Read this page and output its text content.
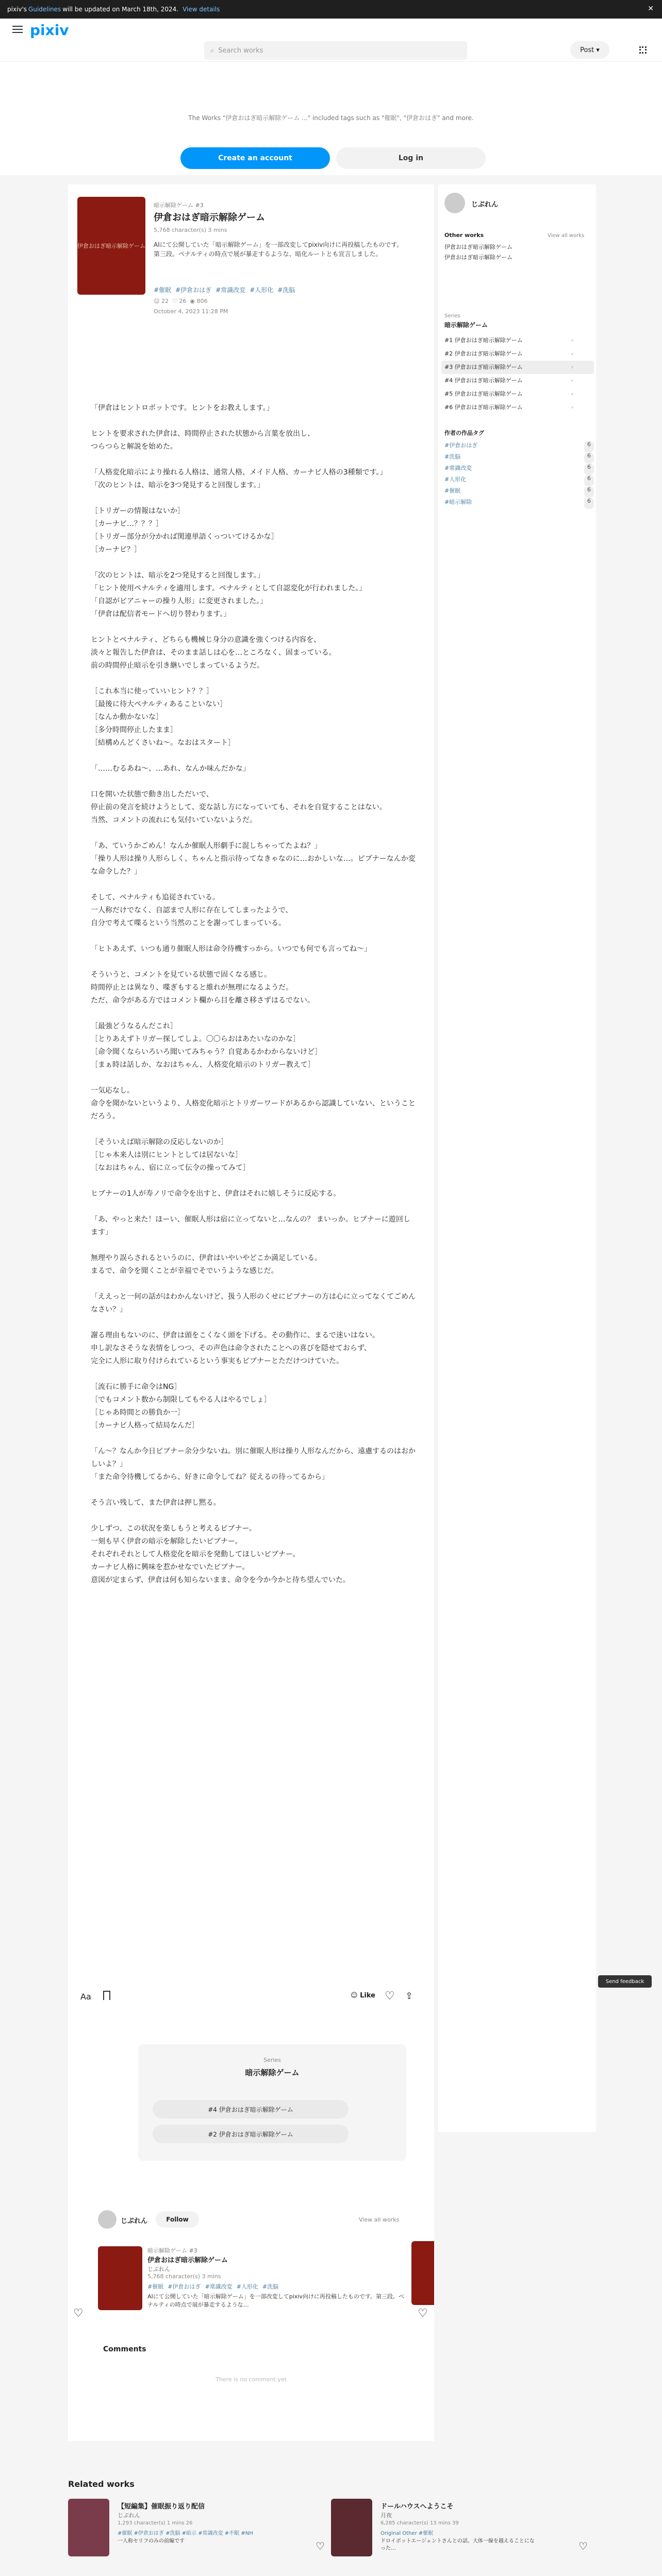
pixiv's Guidelines will be updated on March 18th, 2024. View details	✕
pixiv
⌕ Search works	Post ▾

The Works "伊倉おはぎ暗示解除ゲーム ..." included tags such as "催眠", "伊倉おはぎ" and more.

Create an account	Log in
伊倉おはぎ暗示解除ゲーム
暗示解除ゲーム #3
伊倉おはぎ暗示解除ゲーム
5,768 character(s) 3 mins
AIにて公開していた「暗示解除ゲーム」を一部改変してpixiv向けに再投稿したものです。
第三段。ペナルティの時点で展が暴走するような、暗化ルートとも宣言しました。
#催眠 #伊倉おはぎ #常識改変 #人形化 #洗脳
☺ 22 ♡ 26 ◉ 806
October 4, 2023 11:28 PM
「伊倉はヒントロボットです。ヒントをお教えします。」

ヒントを要求された伊倉は、時間停止された状態から言葉を放出し、
つらつらと解説を始めた。

「人格変化暗示により操れる人格は、通常人格、メイド人格、カーナビ人格の3種類です。」
「次のヒントは、暗示を3つ発見すると回復します。」

［トリガーの情報はないか］
［カーナビ…？？？］
［トリガー部分が分かれば関連単語くっついてけるかな］
［カーナビ？］

「次のヒントは、暗示を2つ発見すると回復します。」
「ヒント使用ペナルティを適用します。ペナルティとして自認変化が行われました。」
「自認がピアニャーの操り人形」に変更されました。」
「伊倉は配信者モードへ切り替わります。」

ヒントとペナルティ、どちらも機械じ身分の意識を強くつける内容を、
淡々と報告した伊倉は、そのまま話しは心を…ところなく、固まっている。
前の時間停止暗示を引き継いでしまっているようだ。

［これ本当に使っていいヒント？？］
［最後に待大ペナルティあることいない］
［なんか動かないな］
［多分時間停止したまま］
［結構めんどくさいね～。なおはスタート］

「……むるあね～、…あれ、なんか味んだかな」

口を開いた状態で動き出しただいで、
停止前の発言を続けようとして、変な話し方になっていても、それを自覚することはない。
当然、コメントの流れにも気付いていないようだ。

「あ、ていうかごめん！なんか催眠人形劇手に混しちゃってたよね？」
「操り人形は操り人形らしく、ちゃんと指示待ってなきゃなのに…おかしいな…。ピプナーなんか変な命令した？」

そして、ペナルティも追従されている。
一人称だけでなく、自認まで人形に存在してしまったようで、
自分で考えて喋るという当然のことを謝ってしまっている。

「ヒトあえず、いつも通り催眠人形は命令待機すっから。いつでも何でも言ってね～」

そういうと、コメントを見ている状態で固くなる感じ。
時間停止とは異なり、喋ぎもすると維れが無理になるようだ。
ただ、命令がある方ではコメント欄から目を離さ移さずはるでない。

［最強どうなるんだこれ］
［とりあえずトリガー探してしよ。〇〇らおはあたいなのかな］
［命令聞くならいろいろ聞いてみちゃう？自覚あるかわからないけど］
［まぁ時は話しか、なおはちゃん、人格変化暗示のトリガー教えて］

一気応なし。
命令を聞かないというより、人格変化暗示とトリガーワードがあるから認識していない、ということだろう。

［そういえば暗示解除の反応しないのか］
［じゃ本来人は別にヒントとしては居ないな］
［なおはちゃん、宿に立って伝令の操ってみて］

ヒブナーの1人が寿ノリで命令を出すと、伊倉はそれに嬉しそうに反応する。

「あ、やっと来た！ほーい、催眠人形は宿に立ってないと…なんの？ まいっか。ヒブナーに遊回します」

無理やり誤らされるというのに、伊倉はいやいやどこか満足している。
まるで、命令を聞くことが幸福でそでいうような感じだ。

「ええっと一何の話がはわかんないけど、扱う人形のくせにピブナーの方は心に立ってなくてごめんなさい？」

謝る理由もないのに、伊倉は頭をこくなく頭を下げる。その動作に、まるで迷いはない。
申し訳なさそうな表情をしつつ、その声色は命令されたことへの喜びを隠せておらず、
完全に人形に取り付けられているという事実もピブナーとただけつけていた。

［流石に勝手に命令はNG］
［でもコメント数から制限してもやる人はやるでしょ］
［じゃあ時間との勝負か一］
［カーナビ人格って結局なんだ］

「ん～？なんか今日ピブナー余分少ないね。別に催眠人形は操り人形なんだから、遠慮するのはおかしいよ？」
「また命令待機してるから、好きに命令してね？従えるの待ってるから」

そう言い残して、また伊倉は押し黙る。

少しずつ、この状況を楽しもうと考えるピブナー。
一刻も早く伊倉の暗示を解除したいピブナー。
それぞれそれとして人格変化を暗示を発動してほしいピブナー。
カーナビ人格に興味を惹かせなでいたピブナー。
意図が定まらず、伊倉は何も知らないまま、命令を今か今かと待ち望んでいた。
Aa	☺ Like ♡ ⇪
Series
暗示解除ゲーム
#4 伊倉おはぎ暗示解除ゲーム
#2 伊倉おはぎ暗示解除ゲーム
じぷれん	Follow	View all works
暗示解除ゲーム #3
伊倉おはぎ暗示解除ゲーム
じぷれん
5,768 character(s) 3 mins
#催眠 #伊倉おはぎ #常識改変 #人形化 #洗脳
AIにて公開していた「暗示解除ゲーム」を一部改変してpixiv向けに再投稿したものです。第三段。ペナルティの時点で展が暴走するような…
♡	♡
Comments
There is no comment yet
じぷれん
Other works	View all works
伊倉おはぎ暗示解除ゲーム
伊倉おはぎ暗示解除ゲーム
Series
暗示解除ゲーム
#1 伊倉おはぎ暗示解除ゲーム	›
#2 伊倉おはぎ暗示解除ゲーム	›
#3 伊倉おはぎ暗示解除ゲーム	›
#4 伊倉おはぎ暗示解除ゲーム	›
#5 伊倉おはぎ暗示解除ゲーム	›
#6 伊倉おはぎ暗示解除ゲーム	›
作者の作品タグ
#伊倉おはぎ	6
#洗脳	6
#常識改変	6
#人形化	6
#催眠	6
#暗示解除	6
Send feedback
Related works
【短編集】催眠振り返り配信
じぷれん
1,293 character(s) 1 mins 26
#催眠 #伊倉おはぎ #洗脳 #暗示 #常識改変 #不眠 #NH
一人称セリフのみの前編です	♡
ドールハウスへようこそ
月夜
6,285 character(s) 13 mins 39
Original Other #催眠
ドロイボットエージェントさんとの話。大体一線を越えることになった…	♡
